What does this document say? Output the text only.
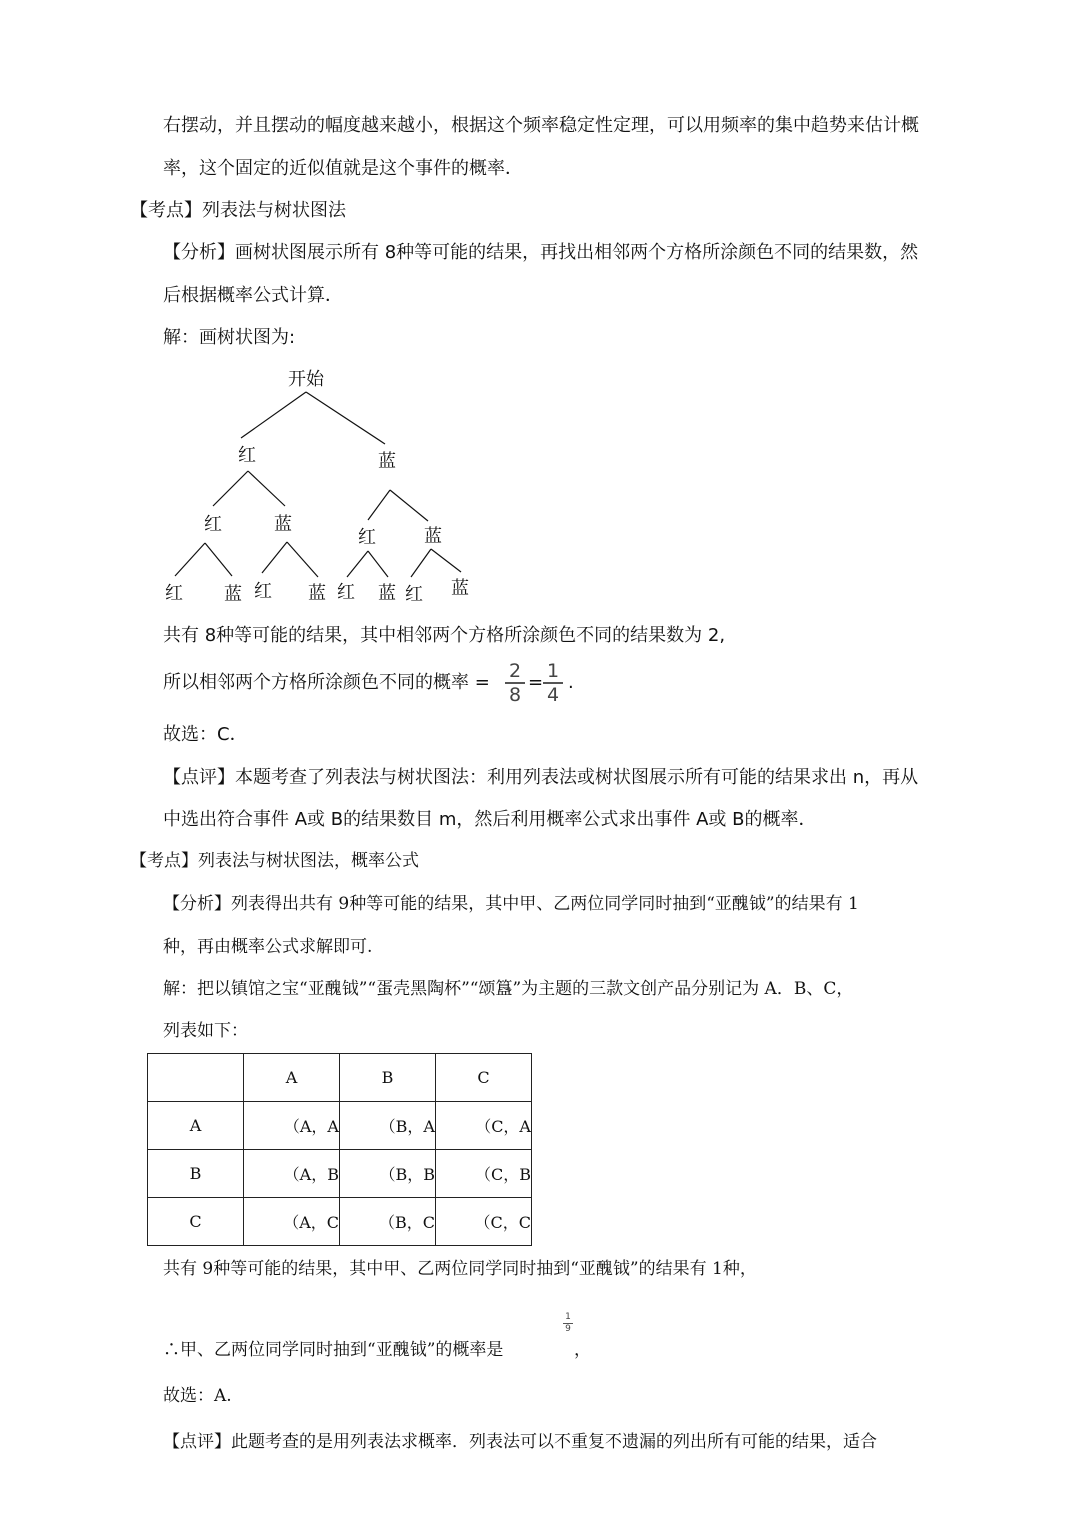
右摆动，并且摆动的幅度越来越小，根据这个频率稳定性定理，可以用频率的集中趋势来估计概
率，这个固定的近似值就是这个事件的概率．
【考点】列表法与树状图法
【分析】画树状图展示所有 8种等可能的结果，再找出相邻两个方格所涂颜色不同的结果数，然
后根据概率公式计算．
解：画树状图为:
开始
红	蓝
红	蓝
红	蓝
红 蓝 红 蓝 红 蓝 红 蓝
共有 8种等可能的结果，其中相邻两个方格所涂颜色不同的结果数为 2,
所以相邻两个方格所涂颜色不同的概率 =
2
8
=
1
4
.
故选：C．
【点评】本题考查了列表法与树状图法：利用列表法或树状图展示所有可能的结果求出 n，再从
中选出符合事件 A或 B的结果数目 m，然后利用概率公式求出事件 A或 B的概率．
【考点】列表法与树状图法，概率公式
【分析】列表得出共有 9种等可能的结果，其中甲、乙两位同学同时抽到“亚醜钺”的结果有 1
种，再由概率公式求解即可.
解：把以镇馆之宝“亚醜钺”“蛋壳黑陶杯”“颂簋”为主题的三款文创产品分别记为 A．B、C，
列表如下：
	A	B	C
A	（A，A	（B，A	（C，A
B	（A，B	（B，B	（C，B
C	（A，C	（B，C	（C，C
共有 9种等可能的结果，其中甲、乙两位同学同时抽到“亚醜钺”的结果有 1种，
1
9
∴甲、乙两位同学同时抽到“亚醜钺”的概率是	，
故选：A.
【点评】此题考查的是用列表法求概率．列表法可以不重复不遗漏的列出所有可能的结果，适合
